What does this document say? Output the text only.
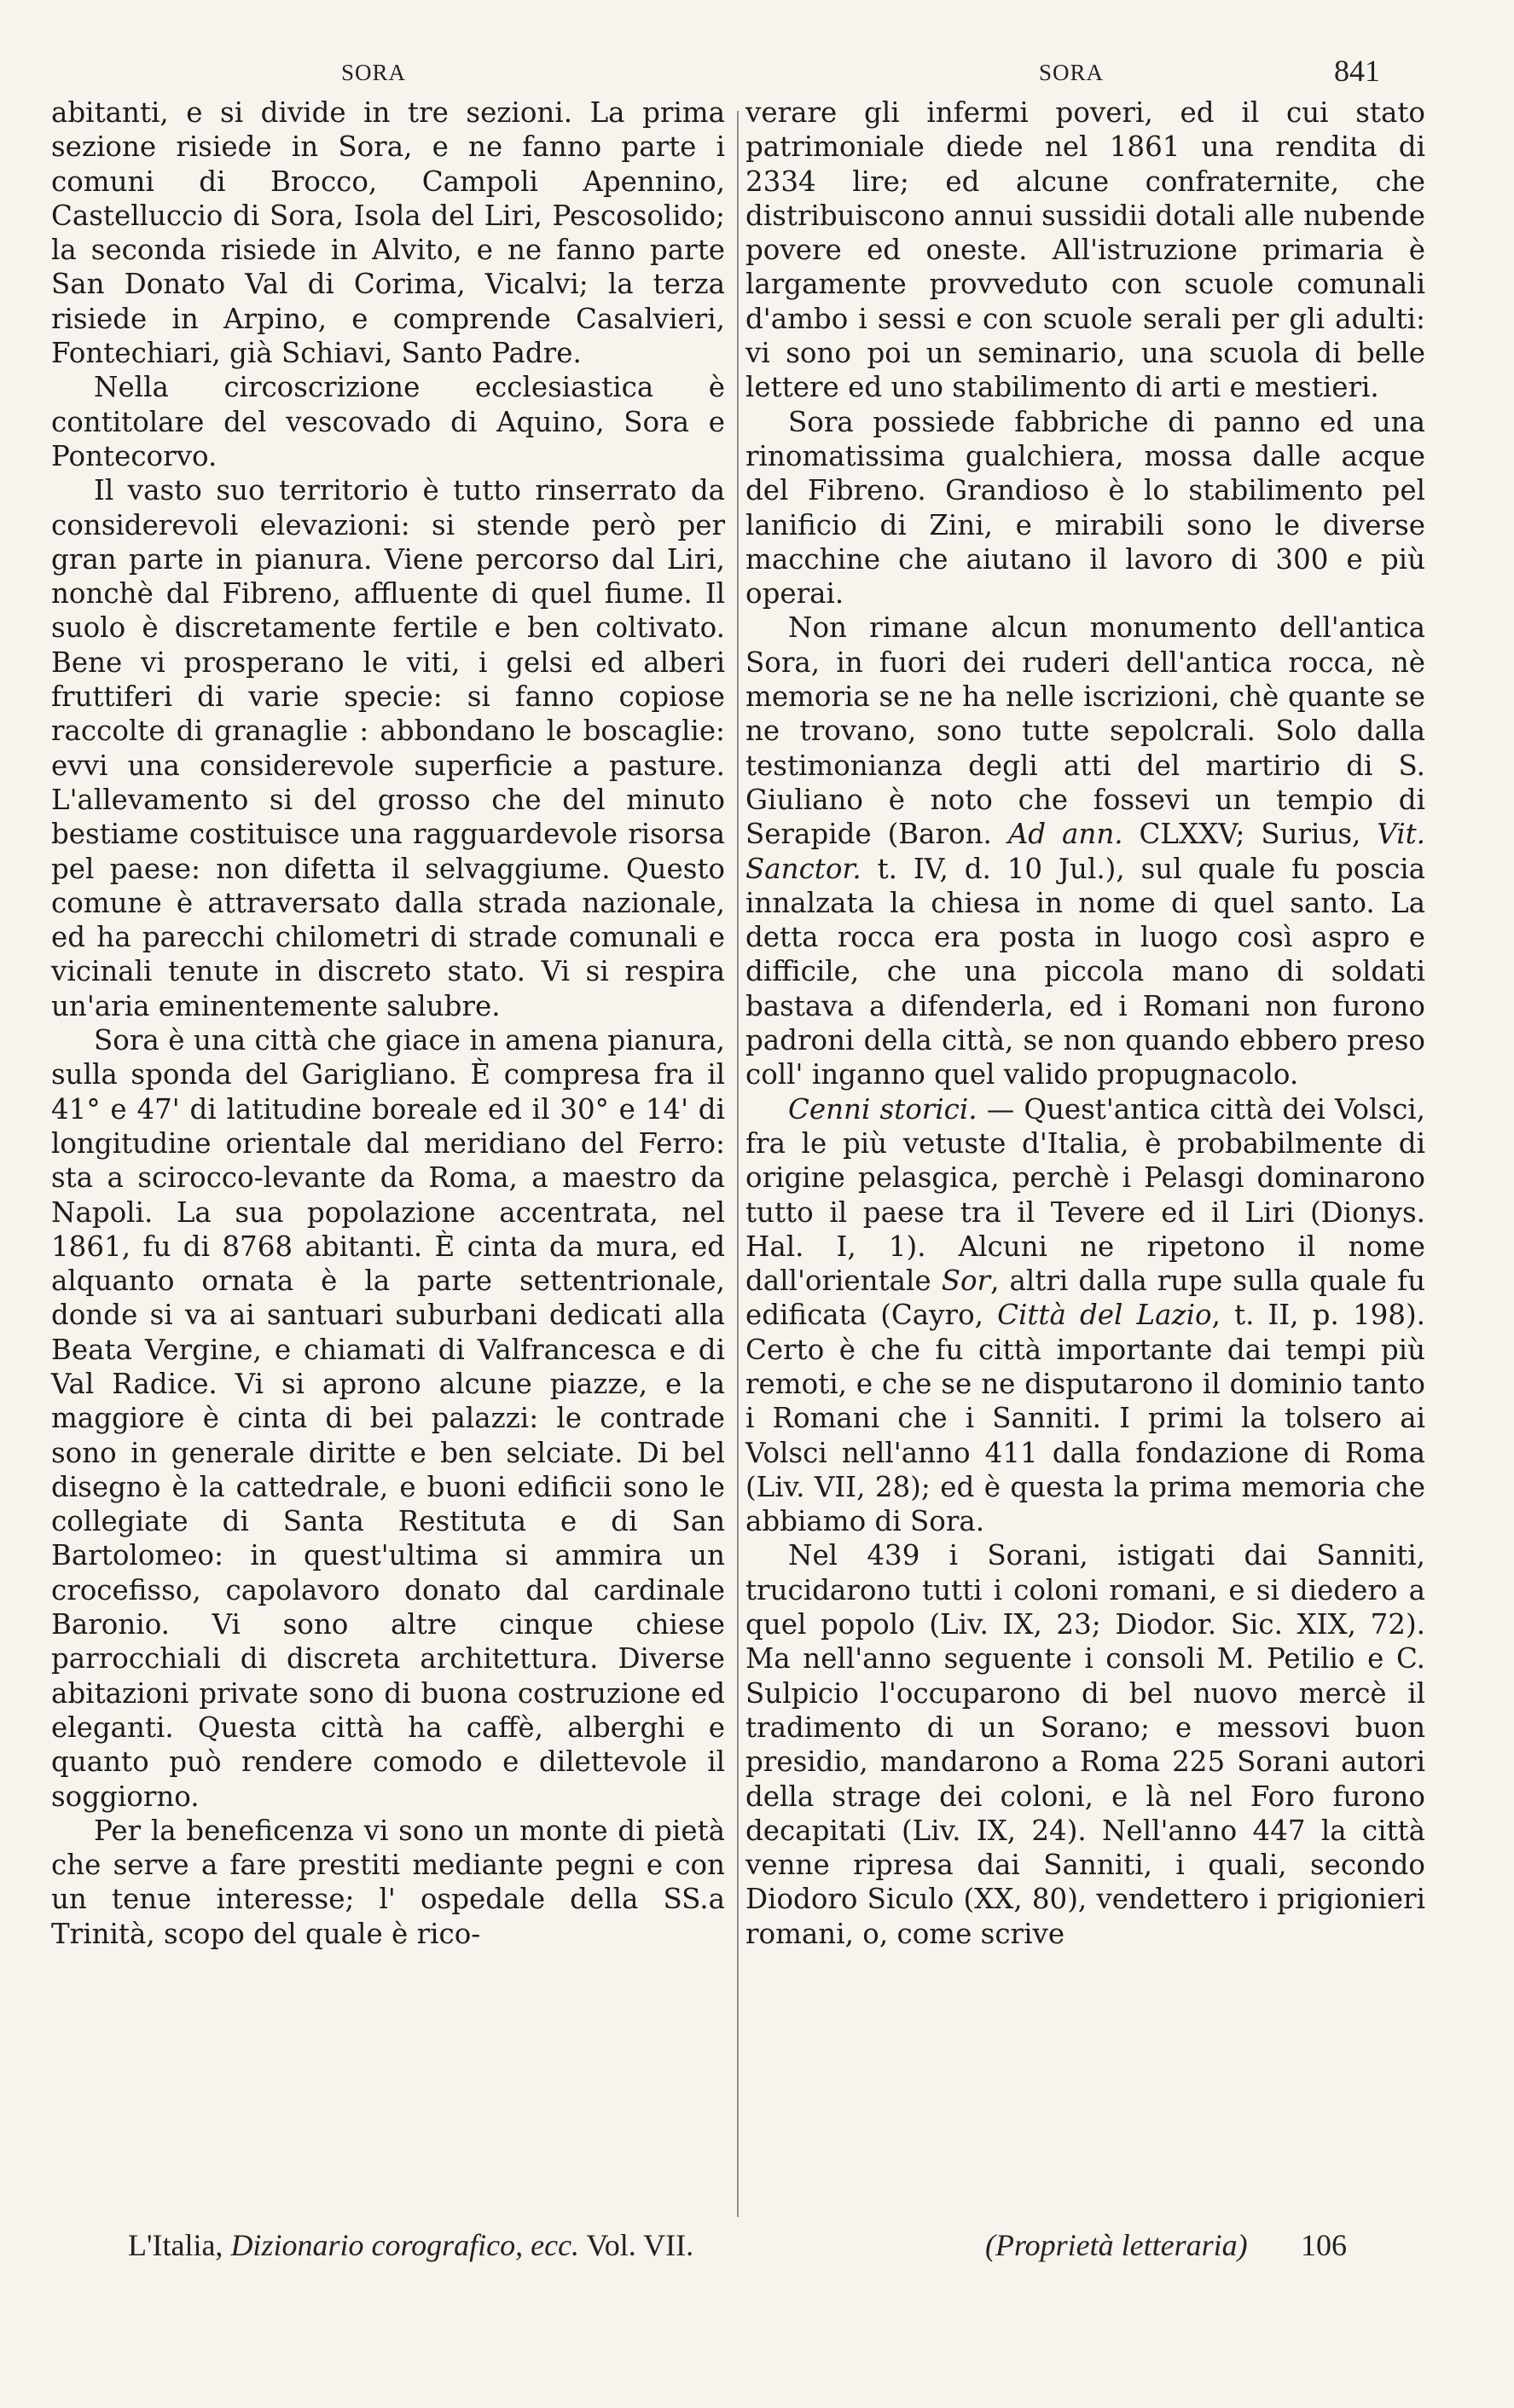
SORA	SORA	841

abitanti, e si divide in tre sezioni. La prima sezione risiede in Sora, e ne fanno parte i comuni di Brocco, Campoli Apennino, Castelluccio di Sora, Isola del Liri, Pescosolido; la seconda risiede in Alvito, e ne fanno parte San Donato Val di Corima, Vicalvi; la terza risiede in Arpino, e comprende Casalvieri, Fontechiari, già Schiavi, Santo Padre.

Nella circoscrizione ecclesiastica è contitolare del vescovado di Aquino, Sora e Pontecorvo.

Il vasto suo territorio è tutto rinserrato da considerevoli elevazioni: si stende però per gran parte in pianura. Viene percorso dal Liri, nonchè dal Fibreno, affluente di quel fiume. Il suolo è discretamente fertile e ben coltivato. Bene vi prosperano le viti, i gelsi ed alberi fruttiferi di varie specie: si fanno copiose raccolte di granaglie : abbondano le boscaglie: evvi una considerevole superficie a pasture. L'allevamento si del grosso che del minuto bestiame costituisce una ragguardevole risorsa pel paese: non difetta il selvaggiume. Questo comune è attraversato dalla strada nazionale, ed ha parecchi chilometri di strade comunali e vicinali tenute in discreto stato. Vi si respira un'aria eminentemente salubre.

Sora è una città che giace in amena pianura, sulla sponda del Garigliano. È compresa fra il 41° e 47' di latitudine boreale ed il 30° e 14' di longitudine orientale dal meridiano del Ferro: sta a scirocco-levante da Roma, a maestro da Napoli. La sua popolazione accentrata, nel 1861, fu di 8768 abitanti. È cinta da mura, ed alquanto ornata è la parte settentrionale, donde si va ai santuari suburbani dedicati alla Beata Vergine, e chiamati di Valfrancesca e di Val Radice. Vi si aprono alcune piazze, e la maggiore è cinta di bei palazzi: le contrade sono in generale diritte e ben selciate. Di bel disegno è la cattedrale, e buoni edificii sono le collegiate di Santa Restituta e di San Bartolomeo: in quest'ultima si ammira un crocefisso, capolavoro donato dal cardinale Baronio. Vi sono altre cinque chiese parrocchiali di discreta architettura. Diverse abitazioni private sono di buona costruzione ed eleganti. Questa città ha caffè, alberghi e quanto può rendere comodo e dilettevole il soggiorno.

Per la beneficenza vi sono un monte di pietà che serve a fare prestiti mediante pegni e con un tenue interesse; l' ospedale della SS.a Trinità, scopo del quale è rico-

verare gli infermi poveri, ed il cui stato patrimoniale diede nel 1861 una rendita di 2334 lire; ed alcune confraternite, che distribuiscono annui sussidii dotali alle nubende povere ed oneste. All'istruzione primaria è largamente provveduto con scuole comunali d'ambo i sessi e con scuole serali per gli adulti: vi sono poi un seminario, una scuola di belle lettere ed uno stabilimento di arti e mestieri.

Sora possiede fabbriche di panno ed una rinomatissima gualchiera, mossa dalle acque del Fibreno. Grandioso è lo stabilimento pel lanificio di Zini, e mirabili sono le diverse macchine che aiutano il lavoro di 300 e più operai.

Non rimane alcun monumento dell'antica Sora, in fuori dei ruderi dell'antica rocca, nè memoria se ne ha nelle iscrizioni, chè quante se ne trovano, sono tutte sepolcrali. Solo dalla testimonianza degli atti del martirio di S. Giuliano è noto che fossevi un tempio di Serapide (Baron. Ad ann. CLXXV; Surius, Vit. Sanctor. t. IV, d. 10 Jul.), sul quale fu poscia innalzata la chiesa in nome di quel santo. La detta rocca era posta in luogo così aspro e difficile, che una piccola mano di soldati bastava a difenderla, ed i Romani non furono padroni della città, se non quando ebbero preso coll' inganno quel valido propugnacolo.

Cenni storici. — Quest'antica città dei Volsci, fra le più vetuste d'Italia, è probabilmente di origine pelasgica, perchè i Pelasgi dominarono tutto il paese tra il Tevere ed il Liri (Dionys. Hal. I, 1). Alcuni ne ripetono il nome dall'orientale Sor, altri dalla rupe sulla quale fu edificata (Cayro, Città del Lazio, t. II, p. 198). Certo è che fu città importante dai tempi più remoti, e che se ne disputarono il dominio tanto i Romani che i Sanniti. I primi la tolsero ai Volsci nell'anno 411 dalla fondazione di Roma (Liv. VII, 28); ed è questa la prima memoria che abbiamo di Sora.

Nel 439 i Sorani, istigati dai Sanniti, trucidarono tutti i coloni romani, e si diedero a quel popolo (Liv. IX, 23; Diodor. Sic. XIX, 72). Ma nell'anno seguente i consoli M. Petilio e C. Sulpicio l'occuparono di bel nuovo mercè il tradimento di un Sorano; e messovi buon presidio, mandarono a Roma 225 Sorani autori della strage dei coloni, e là nel Foro furono decapitati (Liv. IX, 24). Nell'anno 447 la città venne ripresa dai Sanniti, i quali, secondo Diodoro Siculo (XX, 80), vendettero i prigionieri romani, o, come scrive

L'Italia, Dizionario corografico, ecc. Vol. VII.	(Proprietà letteraria) 106
